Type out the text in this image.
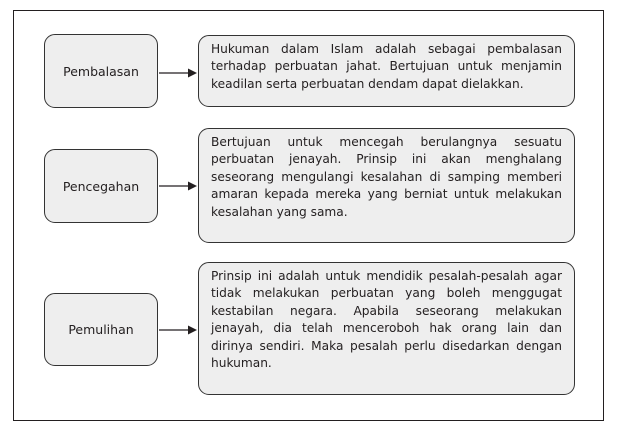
Pembalasan
Hukuman dalam Islam adalah sebagai pembalasan terhadap perbuatan jahat. Bertujuan untuk menjamin keadilan serta perbuatan dendam dapat dielakkan.
Pencegahan
Bertujuan untuk mencegah berulangnya sesuatu perbuatan jenayah. Prinsip ini akan menghalang seseorang mengulangi kesalahan di samping memberi amaran kepada mereka yang berniat untuk melakukan kesalahan yang sama.
Pemulihan
Prinsip ini adalah untuk mendidik pesalah-pesalah agar tidak melakukan perbuatan yang boleh menggugat kestabilan negara. Apabila seseorang melakukan jenayah, dia telah menceroboh hak orang lain dan dirinya sendiri. Maka pesalah perlu disedarkan dengan hukuman.
